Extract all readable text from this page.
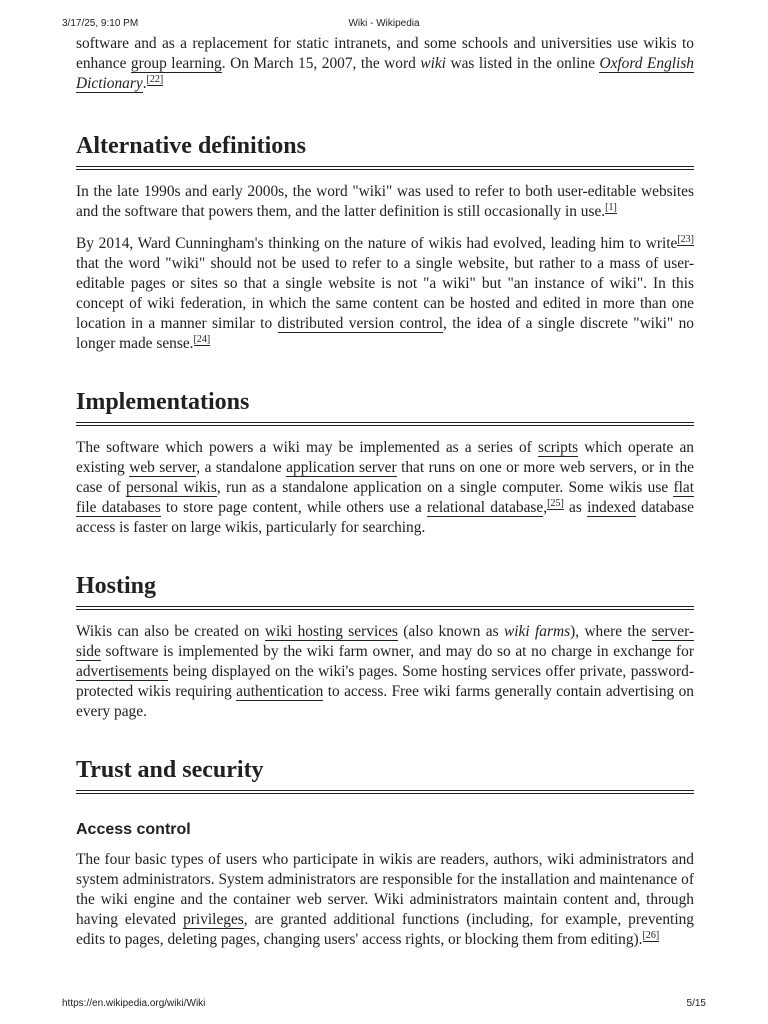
3/17/25, 9:10 PM	Wiki - Wikipedia

software and as a replacement for static intranets, and some schools and universities use wikis to enhance group learning. On March 15, 2007, the word wiki was listed in the online Oxford English Dictionary.[22]

Alternative definitions

In the late 1990s and early 2000s, the word "wiki" was used to refer to both user-editable websites and the software that powers them, and the latter definition is still occasionally in use.[1]

By 2014, Ward Cunningham's thinking on the nature of wikis had evolved, leading him to write[23] that the word "wiki" should not be used to refer to a single website, but rather to a mass of user-editable pages or sites so that a single website is not "a wiki" but "an instance of wiki". In this concept of wiki federation, in which the same content can be hosted and edited in more than one location in a manner similar to distributed version control, the idea of a single discrete "wiki" no longer made sense.[24]

Implementations

The software which powers a wiki may be implemented as a series of scripts which operate an existing web server, a standalone application server that runs on one or more web servers, or in the case of personal wikis, run as a standalone application on a single computer. Some wikis use flat file databases to store page content, while others use a relational database,[25] as indexed database access is faster on large wikis, particularly for searching.

Hosting

Wikis can also be created on wiki hosting services (also known as wiki farms), where the server-side software is implemented by the wiki farm owner, and may do so at no charge in exchange for advertisements being displayed on the wiki's pages. Some hosting services offer private, password-protected wikis requiring authentication to access. Free wiki farms generally contain advertising on every page.

Trust and security
Access control

The four basic types of users who participate in wikis are readers, authors, wiki administrators and system administrators. System administrators are responsible for the installation and maintenance of the wiki engine and the container web server. Wiki administrators maintain content and, through having elevated privileges, are granted additional functions (including, for example, preventing edits to pages, deleting pages, changing users' access rights, or blocking them from editing).[26]

https://en.wikipedia.org/wiki/Wiki	5/15
